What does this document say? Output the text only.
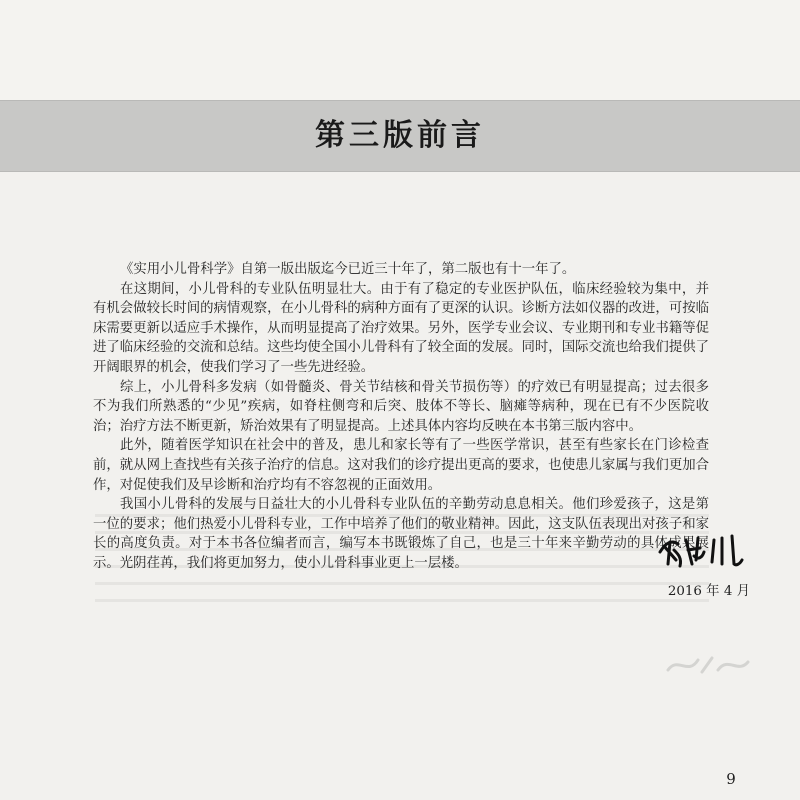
第三版前言

《实用小儿骨科学》自第一版出版迄今已近三十年了，第二版也有十一年了。

在这期间，小儿骨科的专业队伍明显壮大。由于有了稳定的专业医护队伍，临床经验较为集中，并有机会做较长时间的病情观察，在小儿骨科的病种方面有了更深的认识。诊断方法如仪器的改进，可按临床需要更新以适应手术操作，从而明显提高了治疗效果。另外，医学专业会议、专业期刊和专业书籍等促进了临床经验的交流和总结。这些均使全国小儿骨科有了较全面的发展。同时，国际交流也给我们提供了开阔眼界的机会，使我们学习了一些先进经验。

综上，小儿骨科多发病（如骨髓炎、骨关节结核和骨关节损伤等）的疗效已有明显提高；过去很多不为我们所熟悉的“少见”疾病，如脊柱侧弯和后突、肢体不等长、脑瘫等病种，现在已有不少医院收治；治疗方法不断更新，矫治效果有了明显提高。上述具体内容均反映在本书第三版内容中。

此外，随着医学知识在社会中的普及，患儿和家长等有了一些医学常识，甚至有些家长在门诊检查前，就从网上查找些有关孩子治疗的信息。这对我们的诊疗提出更高的要求，也使患儿家属与我们更加合作，对促使我们及早诊断和治疗均有不容忽视的正面效用。

我国小儿骨科的发展与日益壮大的小儿骨科专业队伍的辛勤劳动息息相关。他们珍爱孩子，这是第一位的要求；他们热爱小儿骨科专业，工作中培养了他们的敬业精神。因此，这支队伍表现出对孩子和家长的高度负责。对于本书各位编者而言，编写本书既锻炼了自己，也是三十年来辛勤劳动的具体成果展示。光阴荏苒，我们将更加努力，使小儿骨科事业更上一层楼。

2016 年 4 月
9
